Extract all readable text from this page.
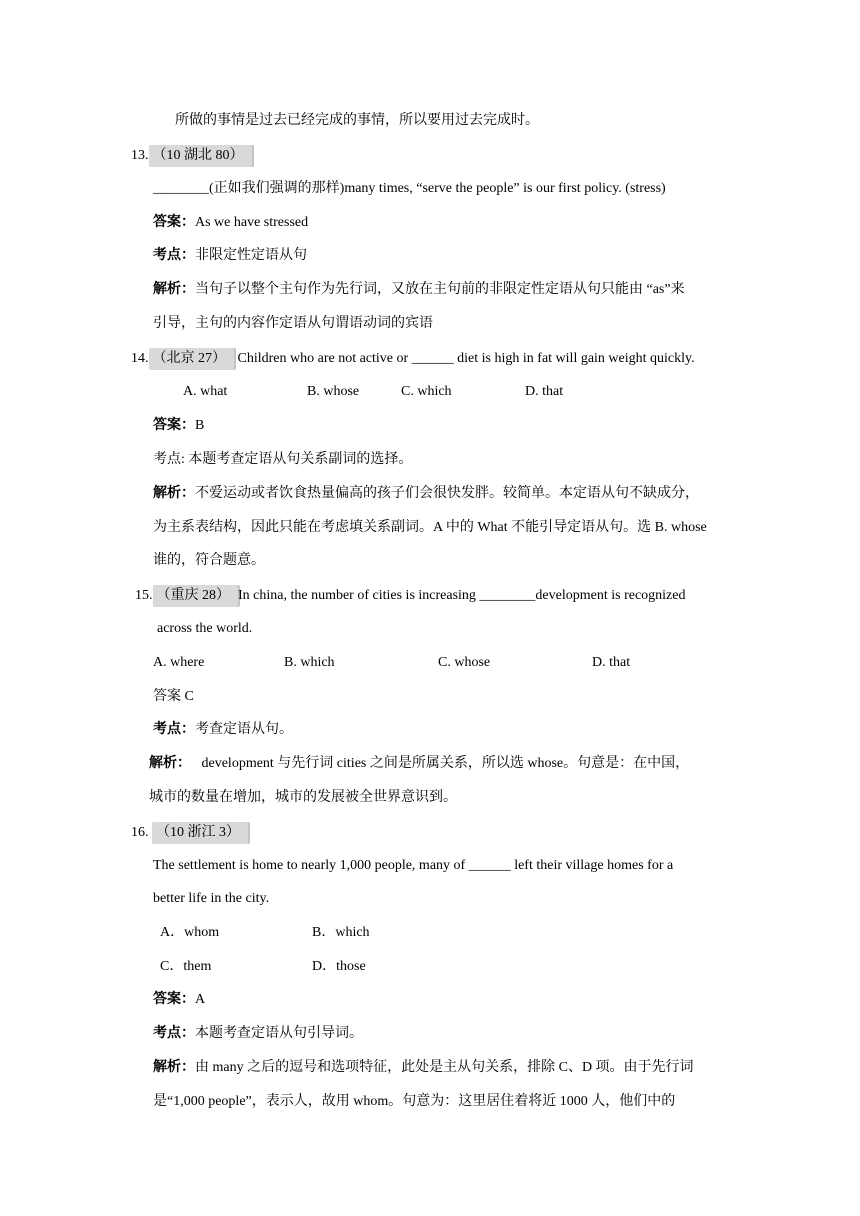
所做的事情是过去已经完成的事情，所以要用过去完成时。
13. （10 湖北 80）
________(正如我们强调的那样)many times, “serve the people” is our first policy. (stress)
答案：As we have stressed
考点：非限定性定语从句
解析：当句子以整个主句作为先行词，又放在主句前的非限定性定语从句只能由 “as”来
引导，主句的内容作定语从句谓语动词的宾语
14. （北京 27） Children who are not active or ______ diet is high in fat will gain weight quickly.
A. what	B. whose	C. which	D. that
答案：B
考点: 本题考查定语从句关系副词的选择。
解析：不爱运动或者饮食热量偏高的孩子们会很快发胖。较简单。本定语从句不缺成分，
为主系表结构，因此只能在考虑填关系副词。A 中的 What 不能引导定语从句。选 B. whose
谁的，符合题意。
15. （重庆 28） In china, the number of cities is increasing ________development is recognized
across the world.
A. where	B. which	C. whose	D. that
答案 C
考点：考查定语从句。
解析： development 与先行词 cities 之间是所属关系，所以选 whose。句意是：在中国，
城市的数量在增加，城市的发展被全世界意识到。
16. （10 浙江 3）
The settlement is home to nearly 1,000 people, many of ______ left their village homes for a
better life in the city.
A．whom	B．which
C．them	D．those
答案：A
考点：本题考查定语从句引导词。
解析：由 many 之后的逗号和选项特征，此处是主从句关系，排除 C、D 项。由于先行词
是“1,000 people”，表示人，故用 whom。句意为：这里居住着将近 1000 人，他们中的
